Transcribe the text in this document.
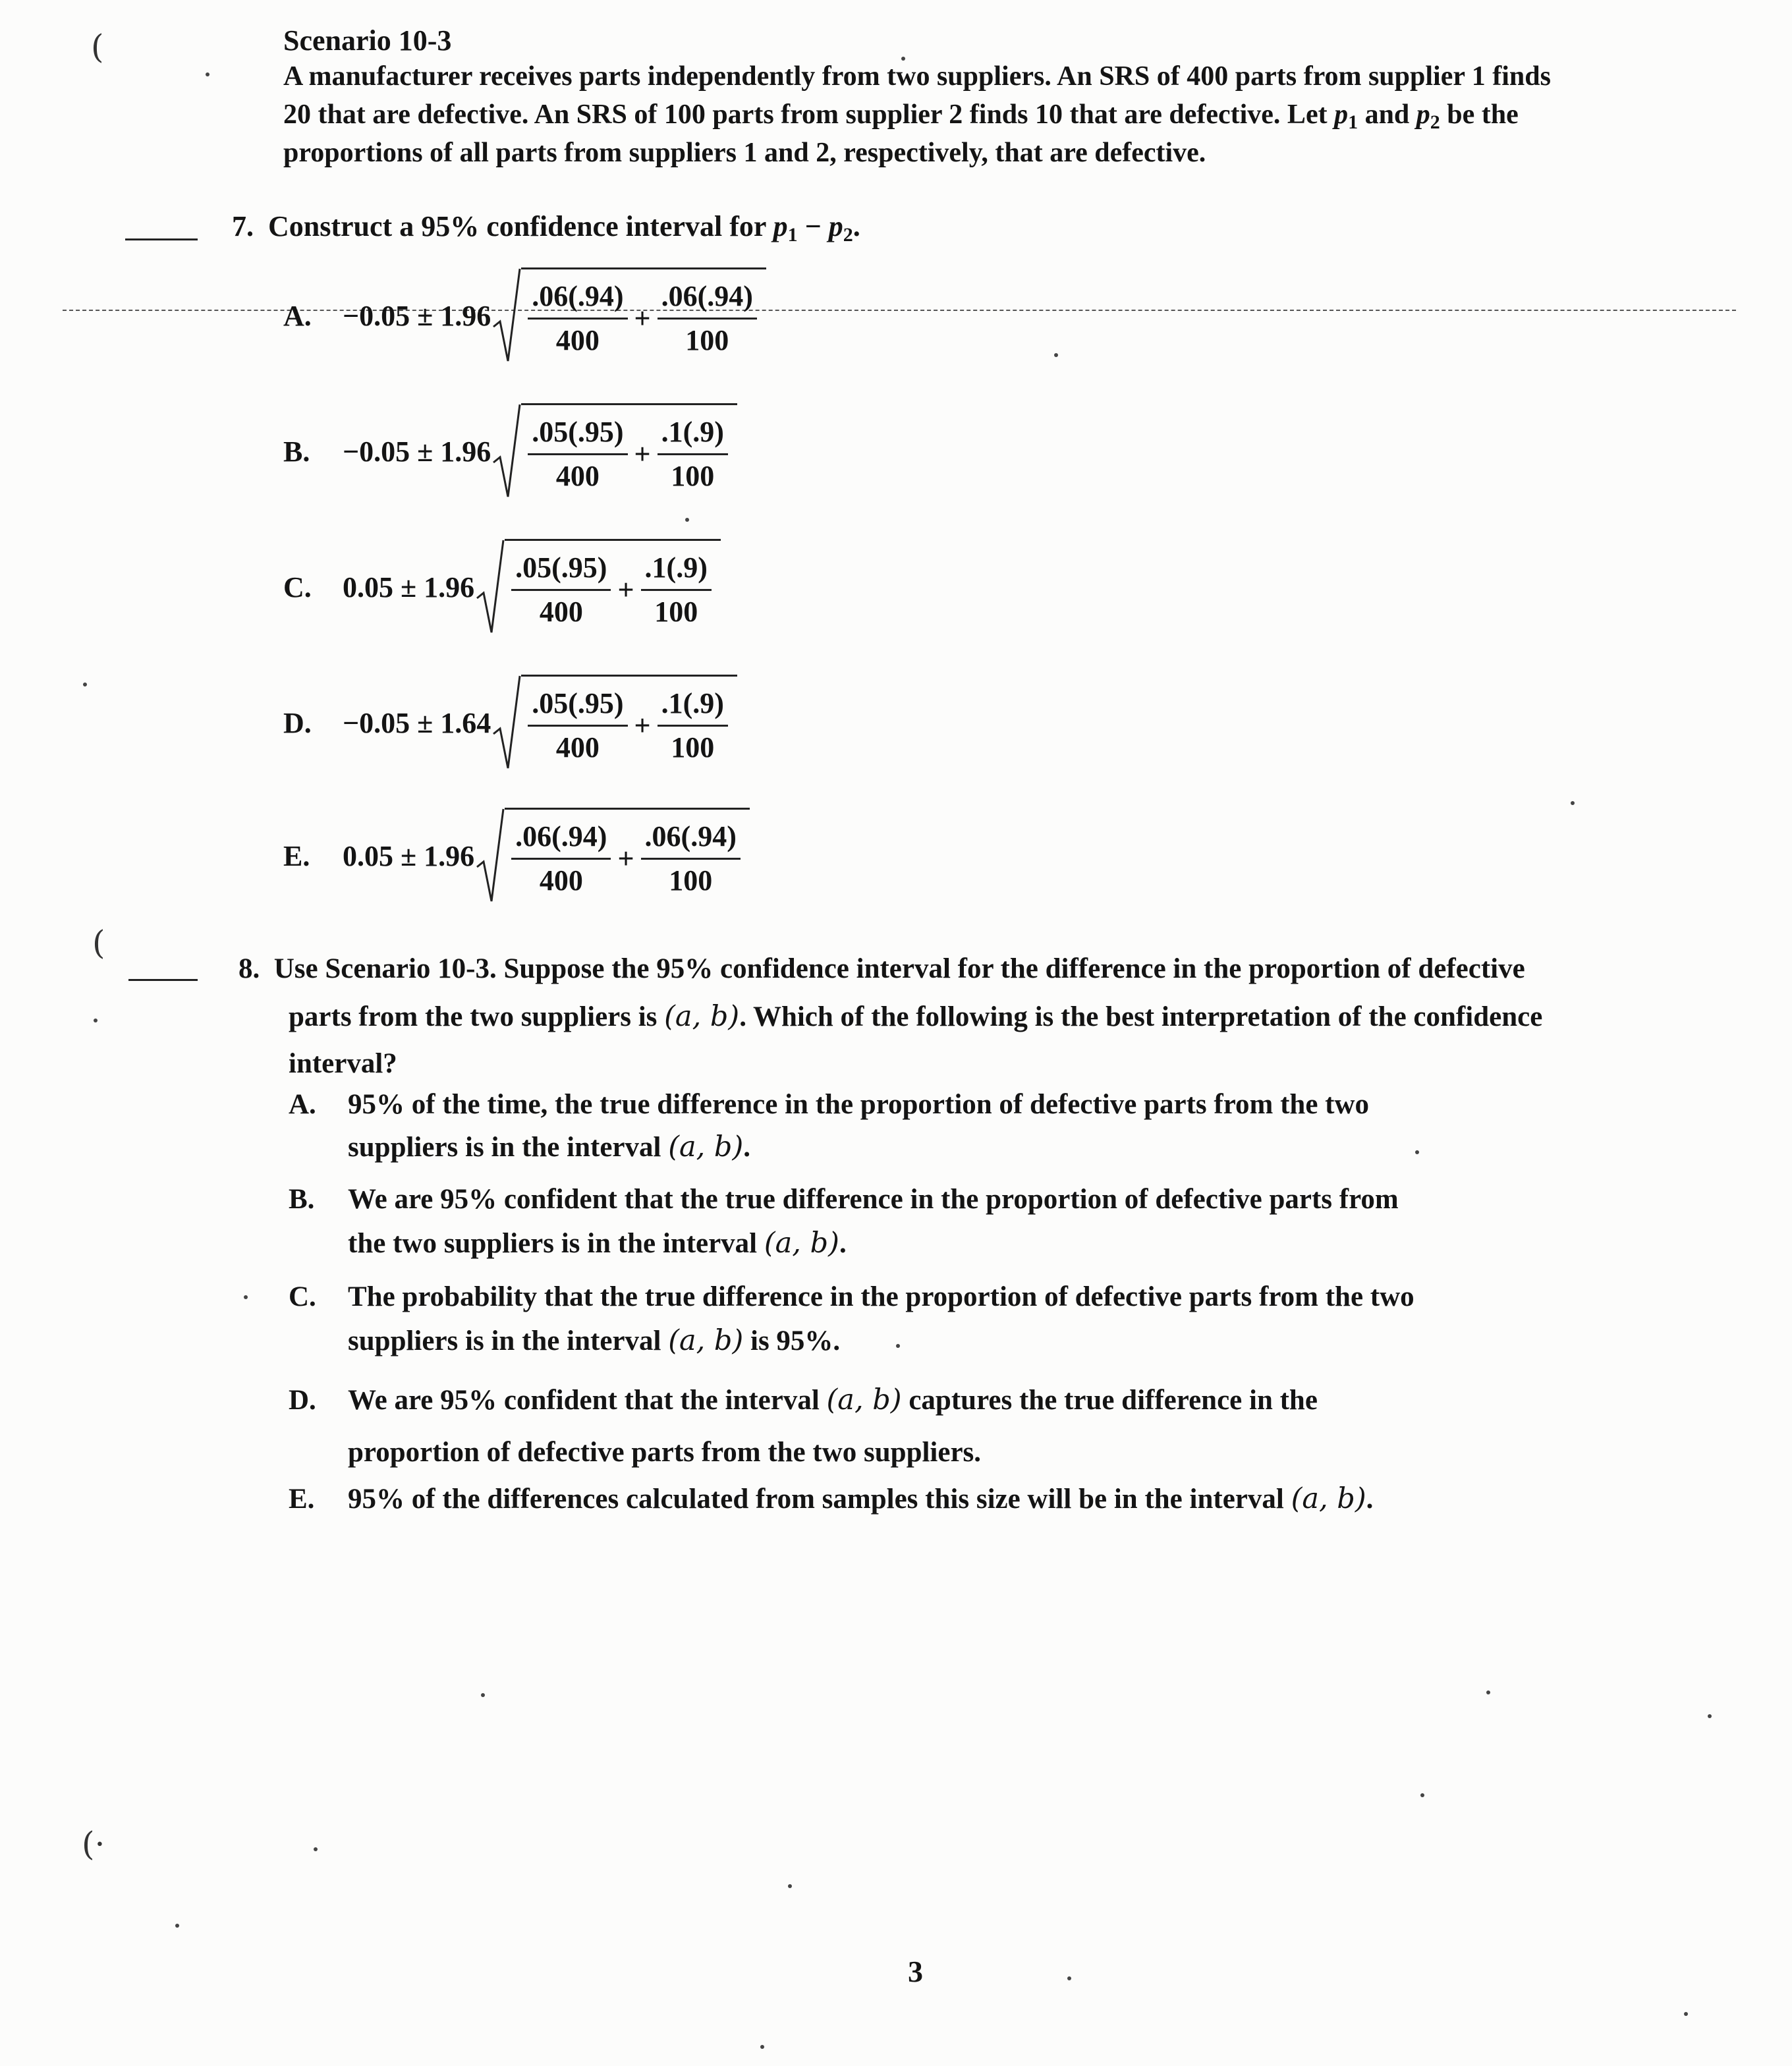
Scenario 10-3
A manufacturer receives parts independently from two suppliers. An SRS of 400 parts from supplier 1 finds
20 that are defective. An SRS of 100 parts from supplier 2 finds 10 that are defective. Let $p_1$ and $p_2$ be the
proportions of all parts from suppliers 1 and 2, respectively, that are defective.
7. Construct a 95% confidence interval for $p_1 - p_2$.
A.	$-0.05 \pm 1.96 \frac{.06(.94)}{400} + \frac{.06(.94)}{100}$
B.	$-0.05 \pm 1.96 \frac{.05(.95)}{400} + \frac{.1(.9)}{100}$
C.	$0.05 \pm 1.96 \frac{.05(.95)}{400} + \frac{.1(.9)}{100}$
D.	$-0.05 \pm 1.64 \frac{.05(.95)}{400} + \frac{.1(.9)}{100}$
E.	$0.05 \pm 1.96 \frac{.06(.94)}{400} + \frac{.06(.94)}{100}$
8. Use Scenario 10-3. Suppose the 95% confidence interval for the difference in the proportion of defective
parts from the two suppliers is (a, b). Which of the following is the best interpretation of the confidence
interval?
A. 95% of the time, the true difference in the proportion of defective parts from the two
suppliers is in the interval (a, b).
B. We are 95% confident that the true difference in the proportion of defective parts from
the two suppliers is in the interval (a, b).
C. The probability that the true difference in the proportion of defective parts from the two
suppliers is in the interval (a, b) is 95%.
D. We are 95% confident that the interval (a, b) captures the true difference in the
proportion of defective parts from the two suppliers.
E. 95% of the differences calculated from samples this size will be in the interval (a, b).
(
(
(·
3
